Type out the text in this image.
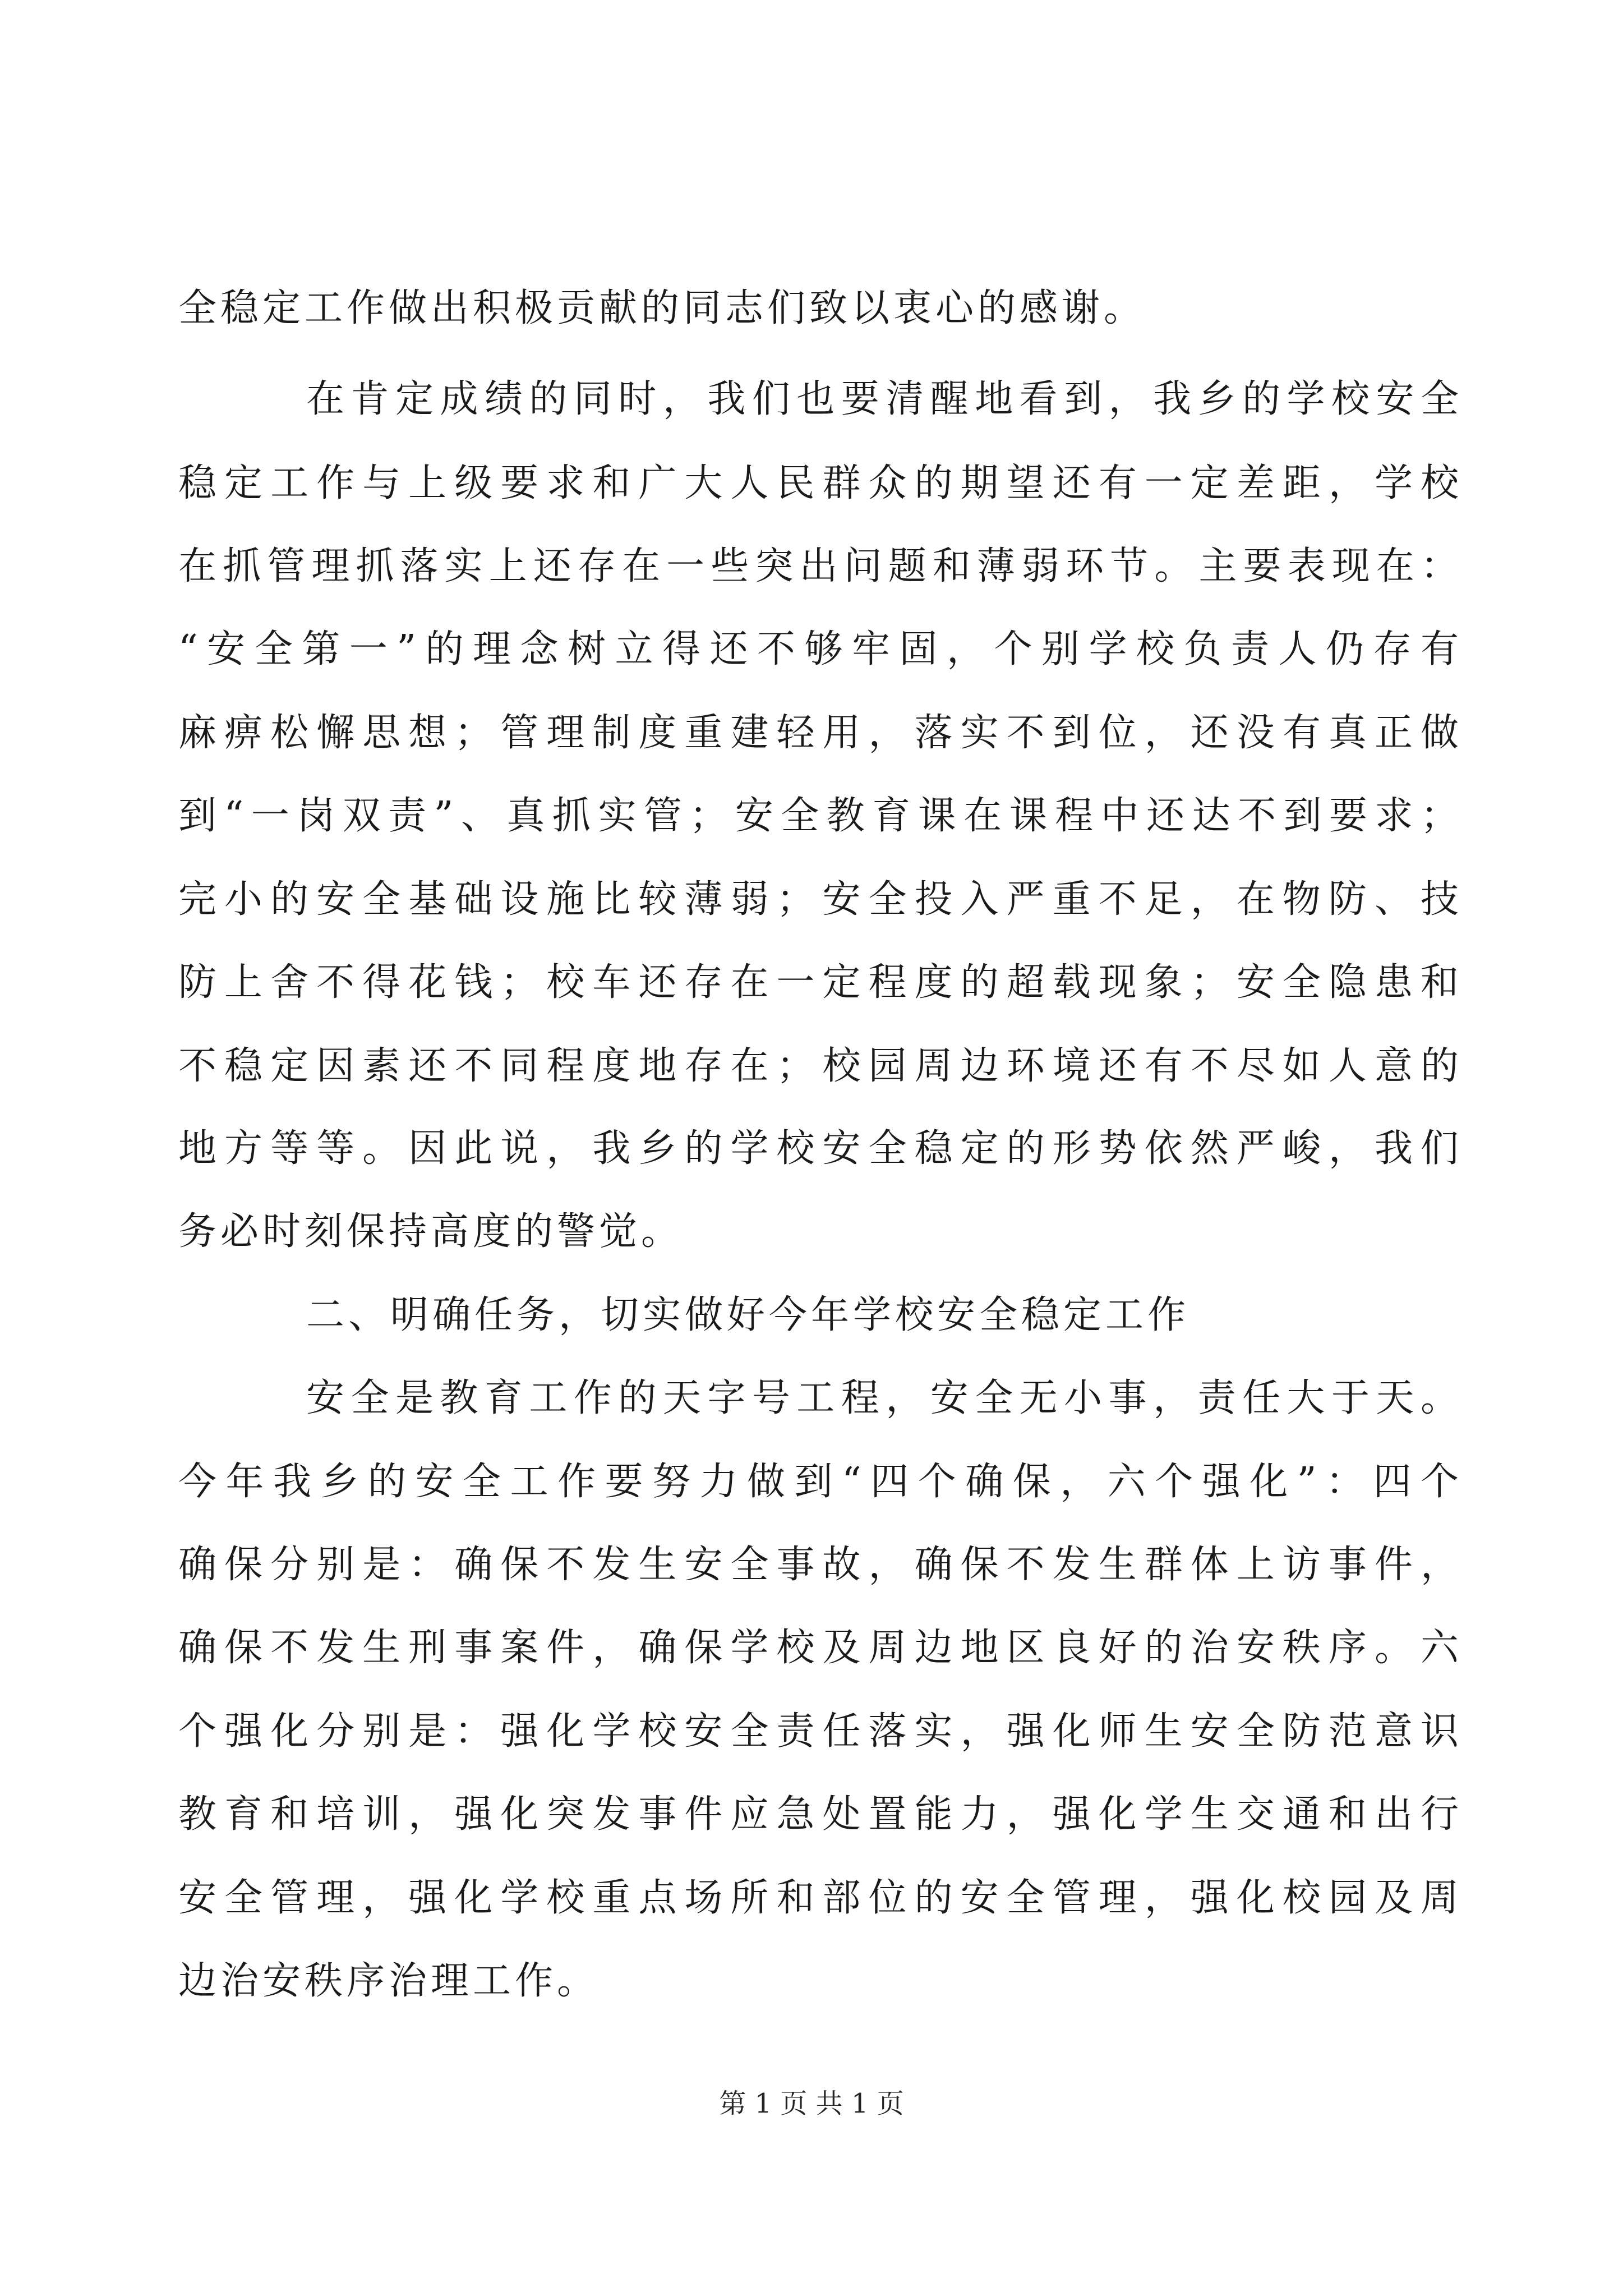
全稳定工作做出积极贡献的同志们致以衷心的感谢。

在肯定成绩的同时，我们也要清醒地看到，我乡的学校安全

稳定工作与上级要求和广大人民群众的期望还有一定差距，学校

在抓管理抓落实上还存在一些突出问题和薄弱环节。主要表现在：

“安全第一”的理念树立得还不够牢固，个别学校负责人仍存有

麻痹松懈思想；管理制度重建轻用，落实不到位，还没有真正做

到“一岗双责”、真抓实管；安全教育课在课程中还达不到要求；

完小的安全基础设施比较薄弱；安全投入严重不足，在物防、技

防上舍不得花钱；校车还存在一定程度的超载现象；安全隐患和

不稳定因素还不同程度地存在；校园周边环境还有不尽如人意的

地方等等。因此说，我乡的学校安全稳定的形势依然严峻，我们

务必时刻保持高度的警觉。

二、明确任务，切实做好今年学校安全稳定工作

安全是教育工作的天字号工程，安全无小事，责任大于天。

今年我乡的安全工作要努力做到“四个确保，六个强化”：四个

确保分别是：确保不发生安全事故，确保不发生群体上访事件，

确保不发生刑事案件，确保学校及周边地区良好的治安秩序。六

个强化分别是：强化学校安全责任落实，强化师生安全防范意识

教育和培训，强化突发事件应急处置能力，强化学生交通和出行

安全管理，强化学校重点场所和部位的安全管理，强化校园及周

边治安秩序治理工作。

第 1 页 共 1 页
